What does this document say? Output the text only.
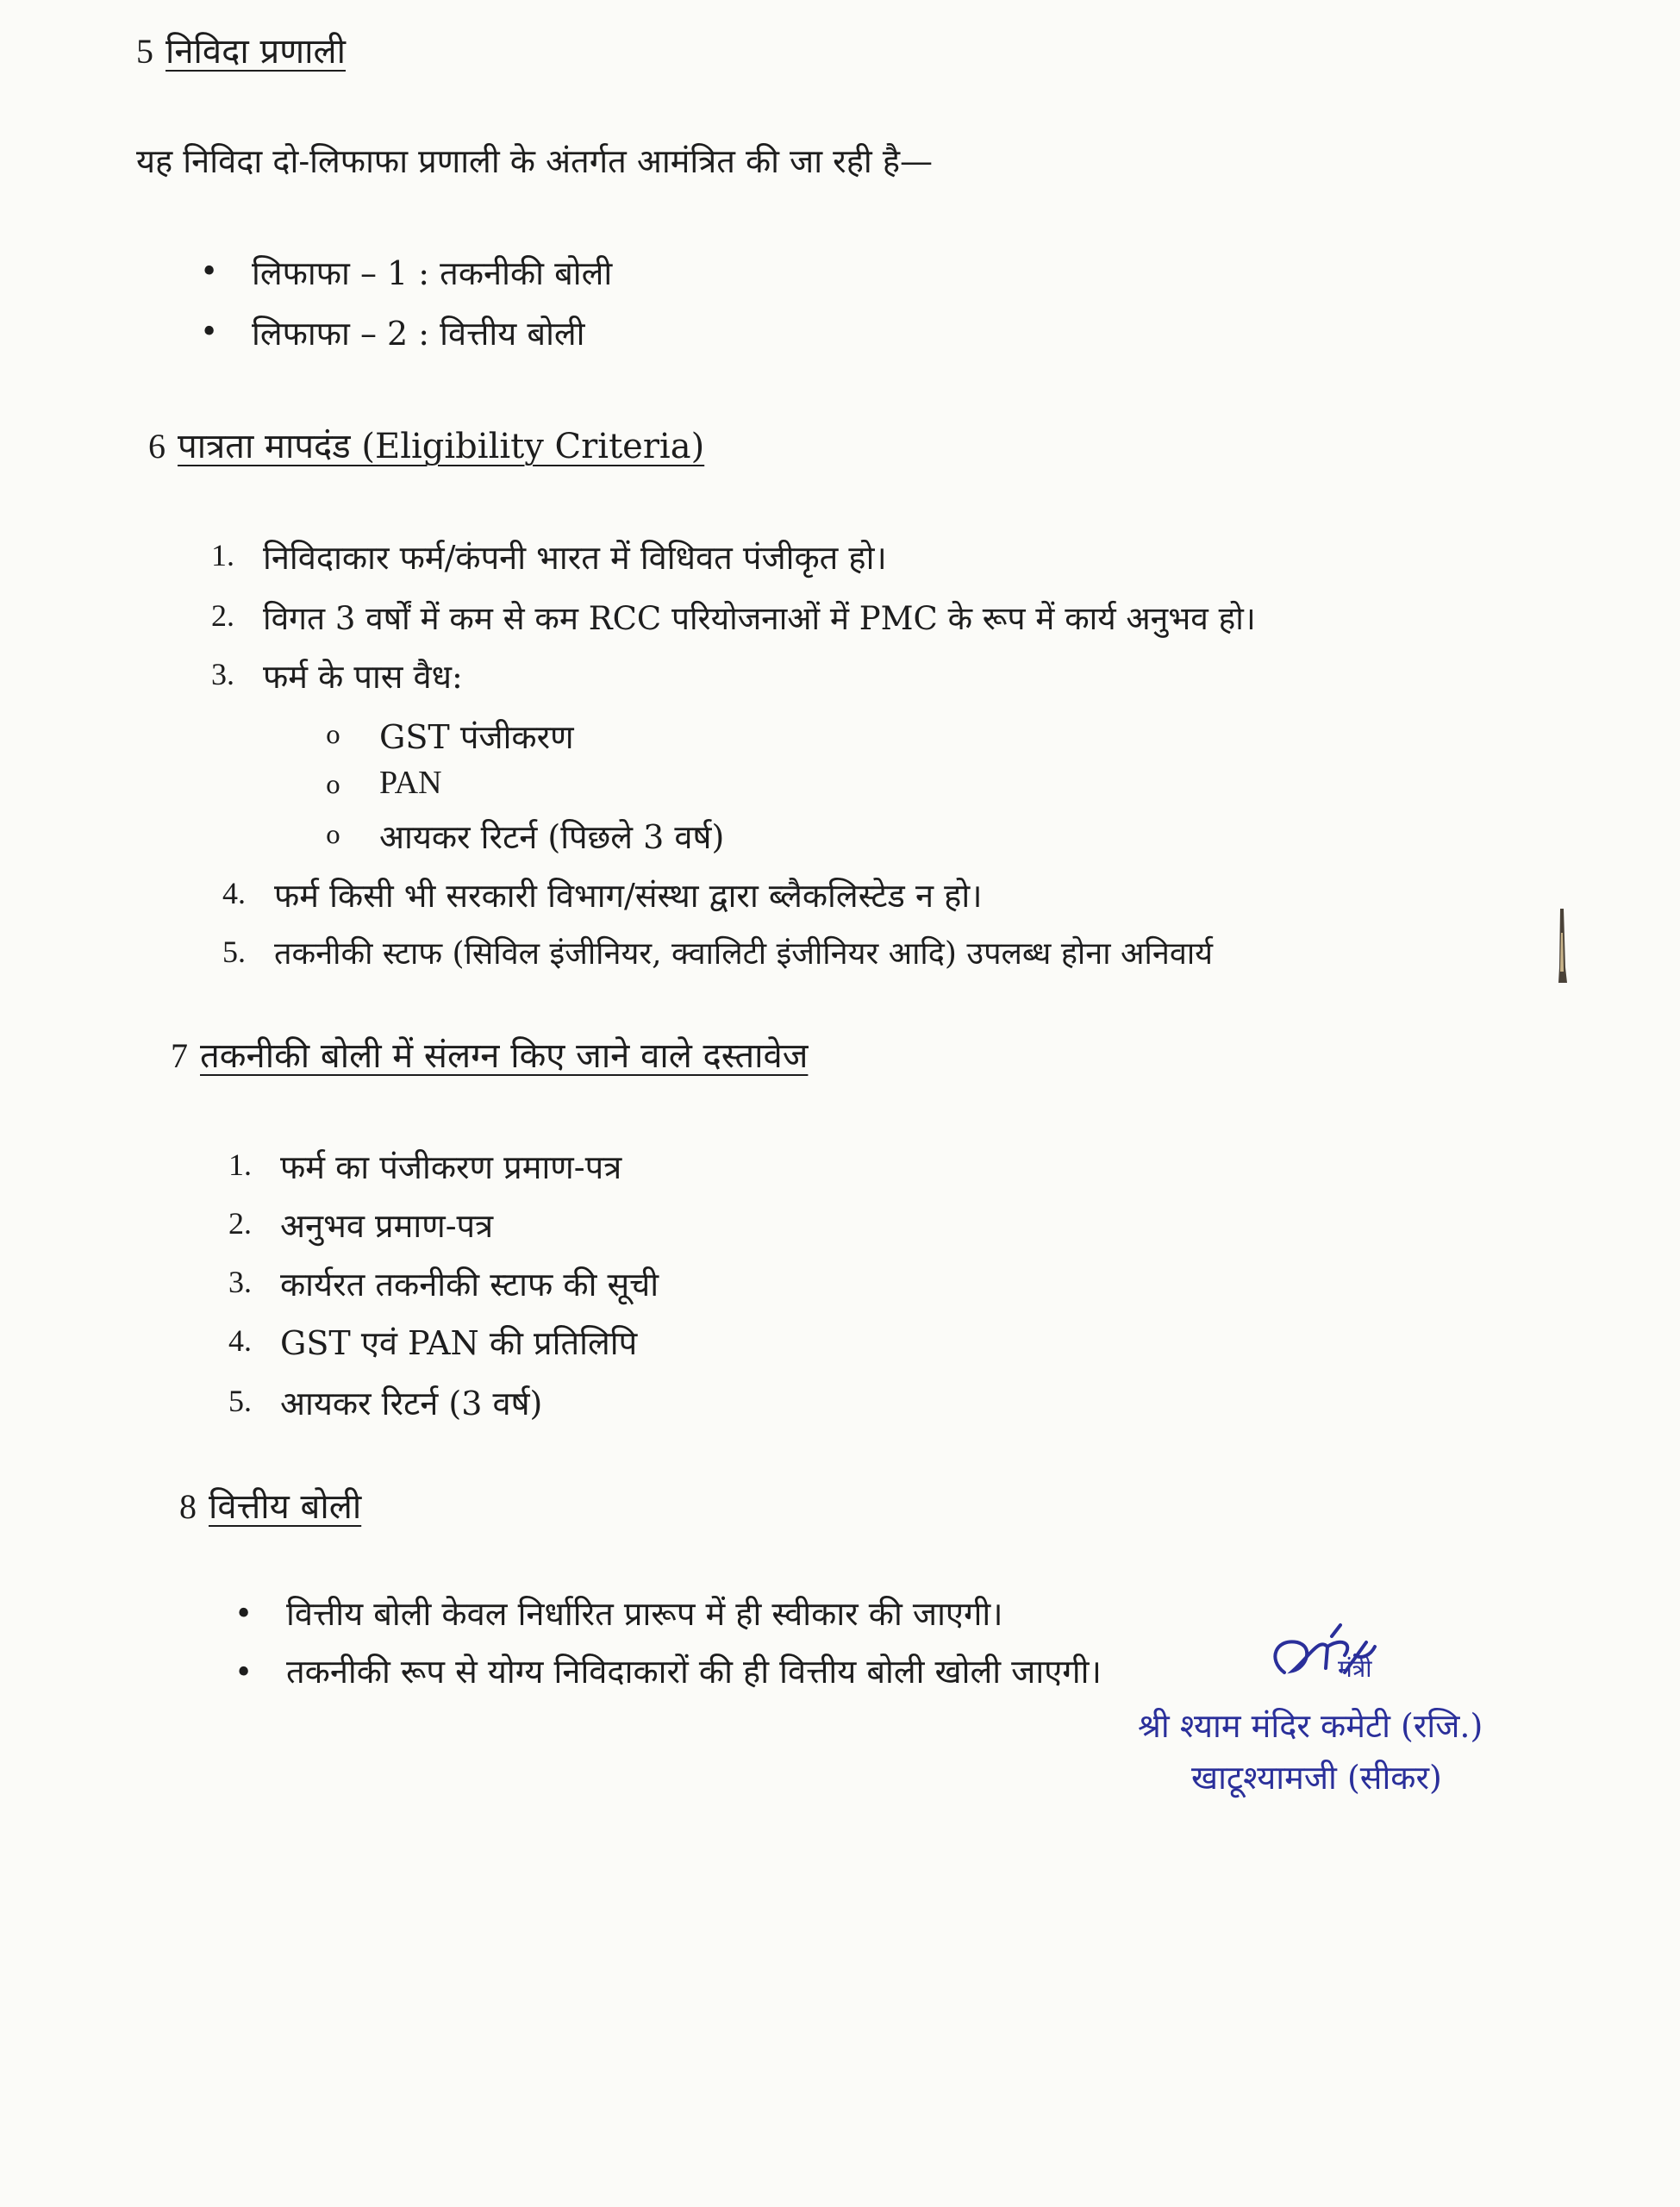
5 निविदा प्रणाली
यह निविदा दो-लिफाफा प्रणाली के अंतर्गत आमंत्रित की जा रही है—
• लिफाफा – 1 : तकनीकी बोली
• लिफाफा – 2 : वित्तीय बोली
6 पात्रता मापदंड (Eligibility Criteria)
1. निविदाकार फर्म/कंपनी भारत में विधिवत पंजीकृत हो।
2. विगत 3 वर्षों में कम से कम RCC परियोजनाओं में PMC के रूप में कार्य अनुभव हो।
3. फर्म के पास वैध:
o GST पंजीकरण
o PAN
o आयकर रिटर्न (पिछले 3 वर्ष)
4. फर्म किसी भी सरकारी विभाग/संस्था द्वारा ब्लैकलिस्टेड न हो।
5. तकनीकी स्टाफ (सिविल इंजीनियर, क्वालिटी इंजीनियर आदि) उपलब्ध होना अनिवार्य
7 तकनीकी बोली में संलग्न किए जाने वाले दस्तावेज
1. फर्म का पंजीकरण प्रमाण-पत्र
2. अनुभव प्रमाण-पत्र
3. कार्यरत तकनीकी स्टाफ की सूची
4. GST एवं PAN की प्रतिलिपि
5. आयकर रिटर्न (3 वर्ष)
8 वित्तीय बोली
• वित्तीय बोली केवल निर्धारित प्रारूप में ही स्वीकार की जाएगी।
• तकनीकी रूप से योग्य निविदाकारों की ही वित्तीय बोली खोली जाएगी।	मंत्री
श्री श्याम मंदिर कमेटी (रजि.)
खाटूश्यामजी (सीकर)
